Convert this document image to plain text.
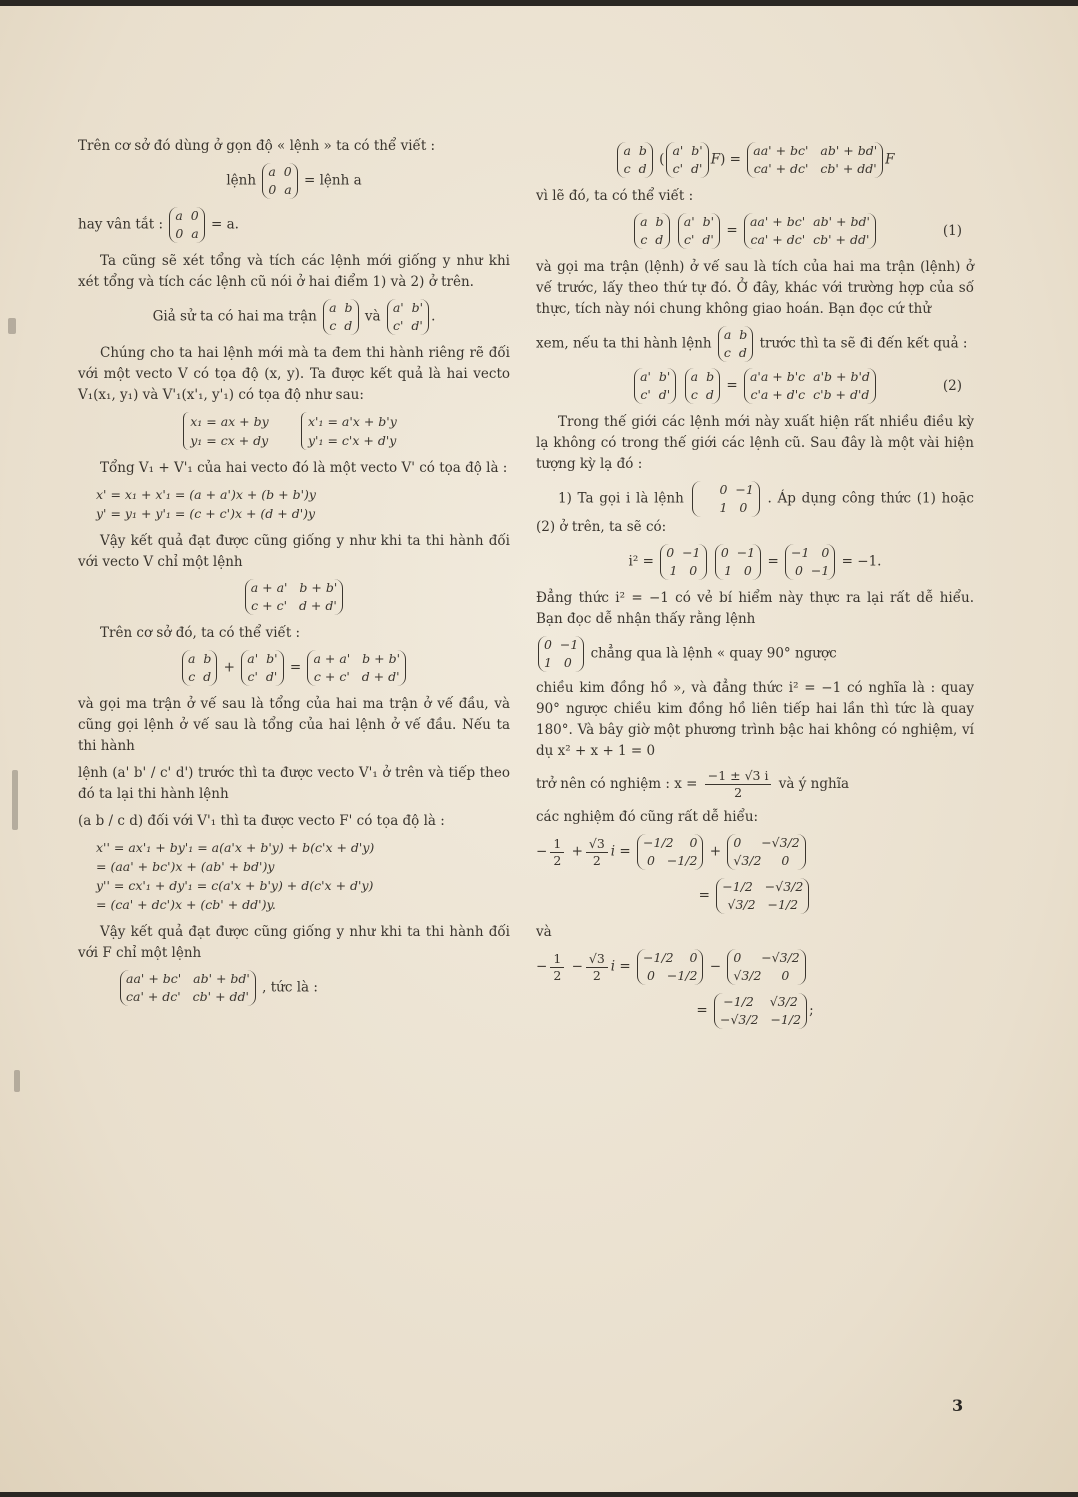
Trên cơ sở đó dùng ở gọn độ « lệnh » ta có thể viết :

lệnh
a  0
0  a
= lệnh a
hay vân tắt :
a  0
0  a
= a.

Ta cũng sẽ xét tổng và tích các lệnh mới giống y như khi xét tổng và tích các lệnh cũ nói ở hai điểm 1) và 2) ở trên.

Giả sử ta có hai ma trận
a  b
c  d
và
a'  b'
c'  d'
.

Chúng cho ta hai lệnh mới mà ta đem thi hành riêng rẽ đối với một vecto V có tọa độ (x, y). Ta được kết quả là hai vecto V₁(x₁, y₁) và V'₁(x'₁, y'₁) có tọa độ như sau:

x₁ = ax + by
y₁ = cx + dy

x'₁ = a'x + b'y
y'₁ = c'x + d'y

Tổng V₁ + V'₁ của hai vecto đó là một vecto V' có tọa độ là :

x' = x₁ + x'₁ = (a + a')x + (b + b')y
y' = y₁ + y'₁ = (c + c')x + (d + d')y

Vậy kết quả đạt được cũng giống y như khi ta thi hành đối với vecto V chỉ một lệnh

a + a'   b + b'
c + c'   d + d'

Trên cơ sở đó, ta có thể viết :

a  b
c  d
+
a'  b'
c'  d'
=
a + a'   b + b'
c + c'   d + d'

và gọi ma trận ở vế sau là tổng của hai ma trận ở vế đầu, và cũng gọi lệnh ở vế sau là tổng của hai lệnh ở vế đầu. Nếu ta thi hành

lệnh (a' b' / c' d') trước thì ta được vecto V'₁ ở trên và tiếp theo đó ta lại thi hành lệnh

(a b / c d) đối với V'₁ thì ta được vecto F' có tọa độ là :

x'' = ax'₁ + by'₁ = a(a'x + b'y) + b(c'x + d'y)
= (aa' + bc')x + (ab' + bd')y
y'' = cx'₁ + dy'₁ = c(a'x + b'y) + d(c'x + d'y)
= (ca' + dc')x + (cb' + dd')y.

Vậy kết quả đạt được cũng giống y như khi ta thi hành đối với F chỉ một lệnh

aa' + bc'   ab' + bd'
ca' + dc'   cb' + dd'
, tức là :
a  b
c  d
(
a'  b'
c'  d'
F) =
aa' + bc'   ab' + bd'
ca' + dc'   cb' + dd'
F

vì lẽ đó, ta có thể viết :

a  b
c  d

a'  b'
c'  d'
=
aa' + bc'  ab' + bd'
ca' + dc'  cb' + dd'
(1)

và gọi ma trận (lệnh) ở vế sau là tích của hai ma trận (lệnh) ở vế trước, lấy theo thứ tự đó. Ở đây, khác với trường hợp của số thực, tích này nói chung không giao hoán. Bạn đọc cứ thử

xem, nếu ta thi hành lệnh
a  b
c  d
trước thì ta sẽ đi đến kết quả :

a'  b'
c'  d'

a  b
c  d
=
a'a + b'c  a'b + b'd
c'a + d'c  c'b + d'd
(2)

Trong thế giới các lệnh mới này xuất hiện rất nhiều điều kỳ lạ không có trong thế giới các lệnh cũ. Sau đây là một vài hiện tượng kỳ lạ đó :

1) Ta gọi i là lệnh
0  −1
1   0
. Áp dụng công thức (1) hoặc (2) ở trên, ta sẽ có:

i² =
0  −1
1   0

0  −1
1   0
=
−1   0
0  −1
= −1.

Đẳng thức i² = −1 có vẻ bí hiểm này thực ra lại rất dễ hiểu. Bạn đọc dễ nhận thấy rằng lệnh

0  −1
1   0
chẳng qua là lệnh « quay 90° ngược

chiều kim đồng hồ », và đẳng thức i² = −1 có nghĩa là : quay 90° ngược chiều kim đồng hồ liên tiếp hai lần thì tức là quay 180°. Và bây giờ một phương trình bậc hai không có nghiệm, ví dụ x² + x + 1 = 0

trở nên có nghiệm : $x = \frac{-1 \pm √3 i}{2}$ và ý nghĩa

các nghiệm đó cũng rất dễ hiểu:

− $\frac{1}{2} + \frac{√3}{2}$ i =
−1/2    0
0   −1/2
+
0     −√3/2
√3/2     0
=
−1/2   −√3/2
√3/2   −1/2

và

− $\frac{1}{2} - \frac{√3}{2}$ i =
−1/2    0
0   −1/2
−
0     −√3/2
√3/2     0
=
−1/2    √3/2
−√3/2   −1/2
;
3
